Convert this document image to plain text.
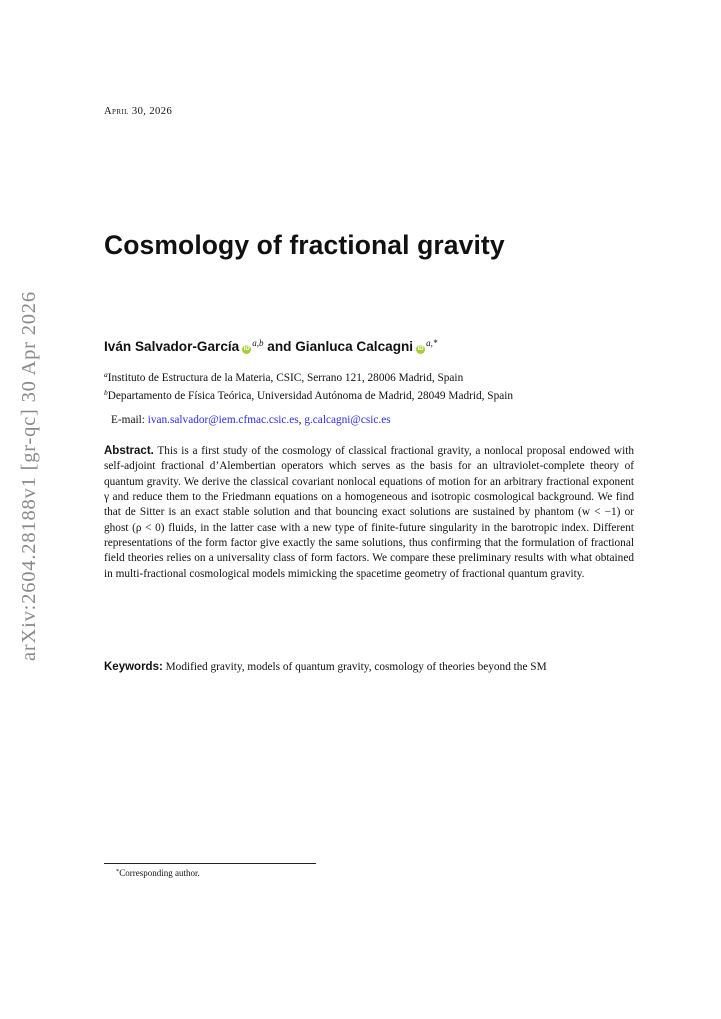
arXiv:2604.28188v1 [gr-qc] 30 Apr 2026
April 30, 2026
Cosmology of fractional gravity
Iván Salvador-García iD$^{a,b}$ and Gianluca Calcagni $iD^{a,*}$
$^a$Instituto de Estructura de la Materia, CSIC, Serrano 121, 28006 Madrid, Spain
$^b$Departamento de Física Teórica, Universidad Autónoma de Madrid, 28049 Madrid, Spain
E-mail: ivan.salvador@iem.cfmac.csic.es, g.calcagni@csic.es
Abstract. This is a first study of the cosmology of classical fractional gravity, a nonlocal proposal endowed with self-adjoint fractional d’Alembertian operators which serves as the basis for an ultraviolet-complete theory of quantum gravity. We derive the classical covariant nonlocal equations of motion for an arbitrary fractional exponent γ and reduce them to the Friedmann equations on a homogeneous and isotropic cosmological background. We find that de Sitter is an exact stable solution and that bouncing exact solutions are sustained by phantom (w < −1) or ghost (ρ < 0) fluids, in the latter case with a new type of finite-future singularity in the barotropic index. Different representations of the form factor give exactly the same solutions, thus confirming that the formulation of fractional field theories relies on a universality class of form factors. We compare these preliminary results with what obtained in multi-fractional cosmological models mimicking the spacetime geometry of fractional quantum gravity.
Keywords: Modified gravity, models of quantum gravity, cosmology of theories beyond the SM
*Corresponding author.
